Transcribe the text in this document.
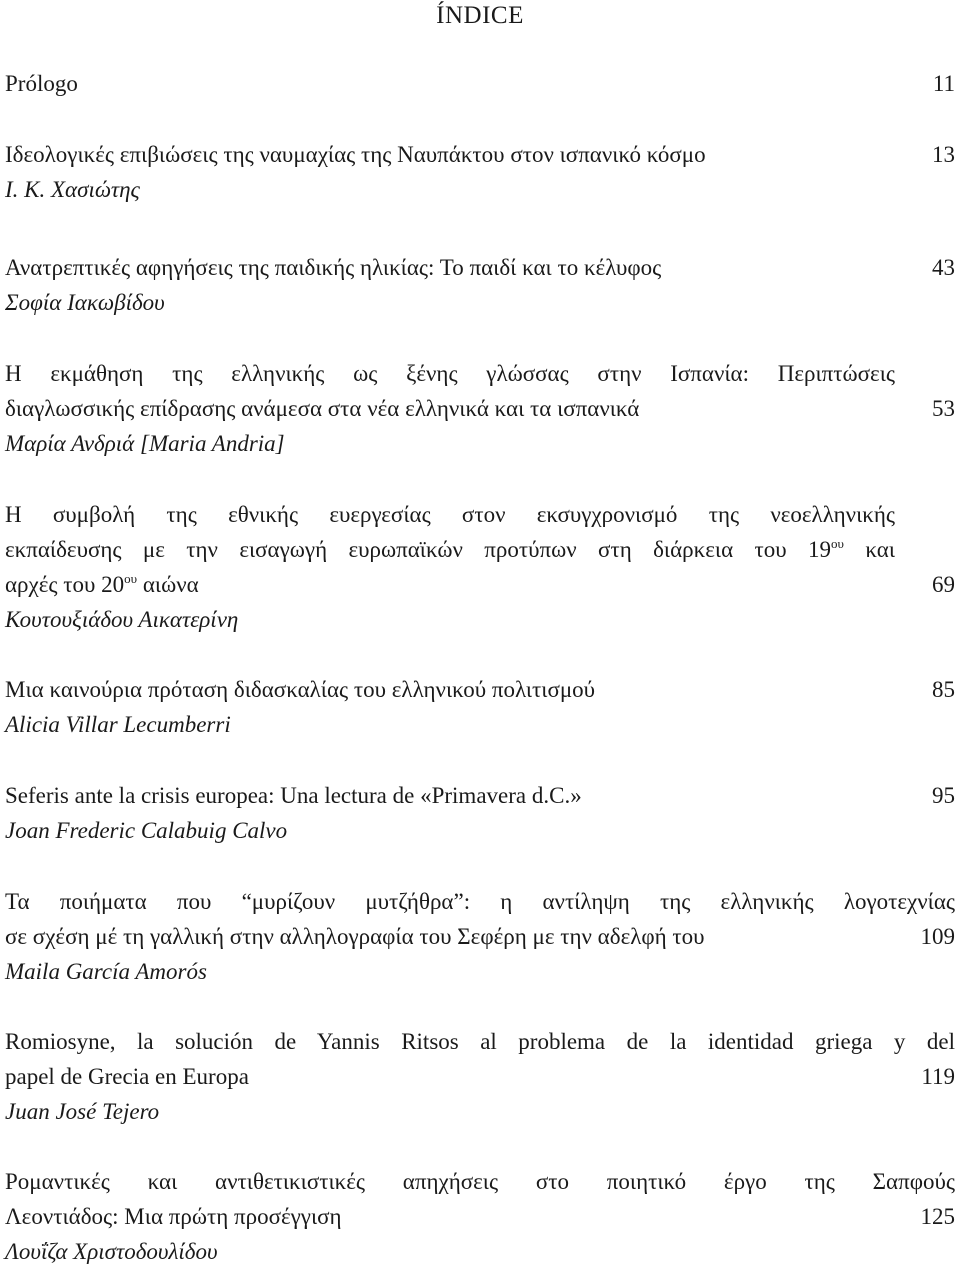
ÍNDICE
Prólogo	11
Ιδεολογικές επιβιώσεις της ναυμαχίας της Ναυπάκτου στον ισπανικό κόσμο
I. K. Χασιώτης
13
Ανατρεπτικές αφηγήσεις της παιδικής ηλικίας: Το παιδί και το κέλυφος
Σοφία Ιακωβίδου
43
Η εκμάθηση της ελληνικής ως ξένης γλώσσας στην Ισπανία: Περιπτώσεις
διαγλωσσικής επίδρασης ανάμεσα στα νέα ελληνικά και τα ισπανικά
Μαρία Ανδριά [Maria Andria]
53
Η συμβολή της εθνικής ευεργεσίας στον εκσυγχρονισμό της νεοελληνικής
εκπαίδευσης με την εισαγωγή ευρωπαϊκών προτύπων στη διάρκεια του $19^{o\upsilon}$ και
αρχές του $20^{o\upsilon}$ αιώνα
Κουτουξιάδου Αικατερίνη
69
Μια καινούρια πρόταση διδασκαλίας του ελληνικού πολιτισμού
Alicia Villar Lecumberri
85
Seferis ante la crisis europea: Una lectura de «Primavera d.C.»
Joan Frederic Calabuig Calvo
95
Τα ποιήματα που “μυρίζουν μυτζήθρα”: η αντίληψη της ελληνικής λογοτεχνίας
σε σχέση μέ τη γαλλική στην αλληλογραφία του Σεφέρη με την αδελφή του
Maila García Amorós
109
Romiosyne, la solución de Yannis Ritsos al problema de la identidad griega y del
papel de Grecia en Europa
Juan José Tejero
119
Ρομαντικές και αντιθετικιστικές απηχήσεις στο ποιητικό έργο της Σαπφούς
Λεοντιάδος: Μια πρώτη προσέγγιση
Λουΐζα Χριστοδουλίδου
125
